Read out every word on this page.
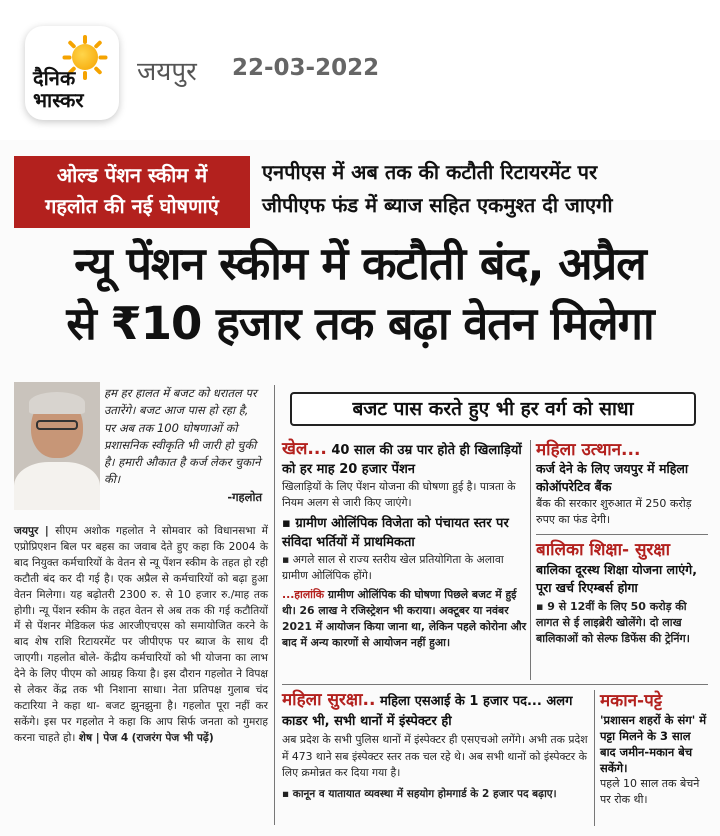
दैनिक
भास्कर
जयपुर 22-03-2022
ओल्ड पेंशन स्कीम में
गहलोत की नई घोषणाएं
एनपीएस में अब तक की कटौती रिटायरमेंट पर
जीपीएफ फंड में ब्याज सहित एकमुश्त दी जाएगी
न्यू पेंशन स्कीम में कटौती बंद, अप्रैल
से ₹10 हजार तक बढ़ा वेतन मिलेगा
हम हर हालत में बजट को धरातल पर उतारेंगे। बजट आज पास हो रहा है, पर अब तक 100 घोषणाओं को प्रशासनिक स्वीकृति भी जारी हो चुकी है। हमारी औकात है कर्ज लेकर चुकाने की।
-गहलोत
जयपुर | सीएम अशोक गहलोत ने सोमवार को विधानसभा में एप्रोप्रिएशन बिल पर बहस का जवाब देते हुए कहा कि 2004 के बाद नियुक्त कर्मचारियों के वेतन से न्यू पेंशन स्कीम के तहत हो रही कटौती बंद कर दी गई है। एक अप्रैल से कर्मचारियों को बढ़ा हुआ वेतन मिलेगा। यह बढ़ोतरी 2300 रु. से 10 हजार रु./माह तक होगी। न्यू पेंशन स्कीम के तहत वेतन से अब तक की गई कटौतियों में से पेंशनर मेडिकल फंड आरजीएचएस को समायोजित करने के बाद शेष राशि रिटायरमेंट पर जीपीएफ पर ब्याज के साथ दी जाएगी। गहलोत बोले- केंद्रीय कर्मचारियों को भी योजना का लाभ देने के लिए पीएम को आग्रह किया है। इस दौरान गहलोत ने विपक्ष से लेकर केंद्र तक भी निशाना साधा। नेता प्रतिपक्ष गुलाब चंद कटारिया ने कहा था- बजट झुनझुना है। गहलोत पूरा नहीं कर सकेंगे। इस पर गहलोत ने कहा कि आप सिर्फ जनता को गुमराह करना चाहते हो। शेष | पेज 4 (राजरंग पेज भी पढ़ें)
बजट पास करते हुए भी हर वर्ग को साधा
खेल... 40 साल की उम्र पार होते ही खिलाड़ियों को हर माह 20 हजार पेंशन

खिलाड़ियों के लिए पेंशन योजना की घोषणा हुई है। पात्रता के नियम अलग से जारी किए जाएंगे।

▪ ग्रामीण ओलिंपिक विजेता को पंचायत स्तर पर संविदा भर्तियों में प्राथमिकता

▪ अगले साल से राज्य स्तरीय खेल प्रतियोगिता के अलावा ग्रामीण ओलिंपिक होंगे।

...हालांकि ग्रामीण ओलिंपिक की घोषणा पिछले बजट में हुई थी। 26 लाख ने रजिस्ट्रेशन भी कराया। अक्टूबर या नवंबर 2021 में आयोजन किया जाना था, लेकिन पहले कोरोना और बाद में अन्य कारणों से आयोजन नहीं हुआ।

महिला उत्थान...
कर्ज देने के लिए जयपुर में महिला कोऑपरेटिव बैंक
बैंक की सरकार शुरुआत में 250 करोड़ रुपए का फंड देगी।
बालिका शिक्षा- सुरक्षा
बालिका दूरस्थ शिक्षा योजना लाएंगे, पूरा खर्च रिएम्बर्स होगा
▪ 9 से 12वीं के लिए 50 करोड़ की लागत से ई लाइब्रेरी खोलेंगे। दो लाख बालिकाओं को सेल्फ डिफेंस की ट्रेनिंग।
महिला सुरक्षा.. महिला एसआई के 1 हजार पद... अलग काडर भी, सभी थानों में इंस्पेक्टर ही
अब प्रदेश के सभी पुलिस थानों में इंस्पेक्टर ही एसएचओ लगेंगे। अभी तक प्रदेश में 473 थाने सब इंस्पेक्टर स्तर तक चल रहे थे। अब सभी थानों को इंस्पेक्टर के लिए क्रमोन्नत कर दिया गया है।
▪ कानून व यातायात व्यवस्था में सहयोग होमगार्ड के 2 हजार पद बढ़ाए।
मकान-पट्टे
'प्रशासन शहरों के संग' में पट्टा मिलने के 3 साल बाद जमीन-मकान बेच सकेंगे।
पहले 10 साल तक बेचने पर रोक थी।
